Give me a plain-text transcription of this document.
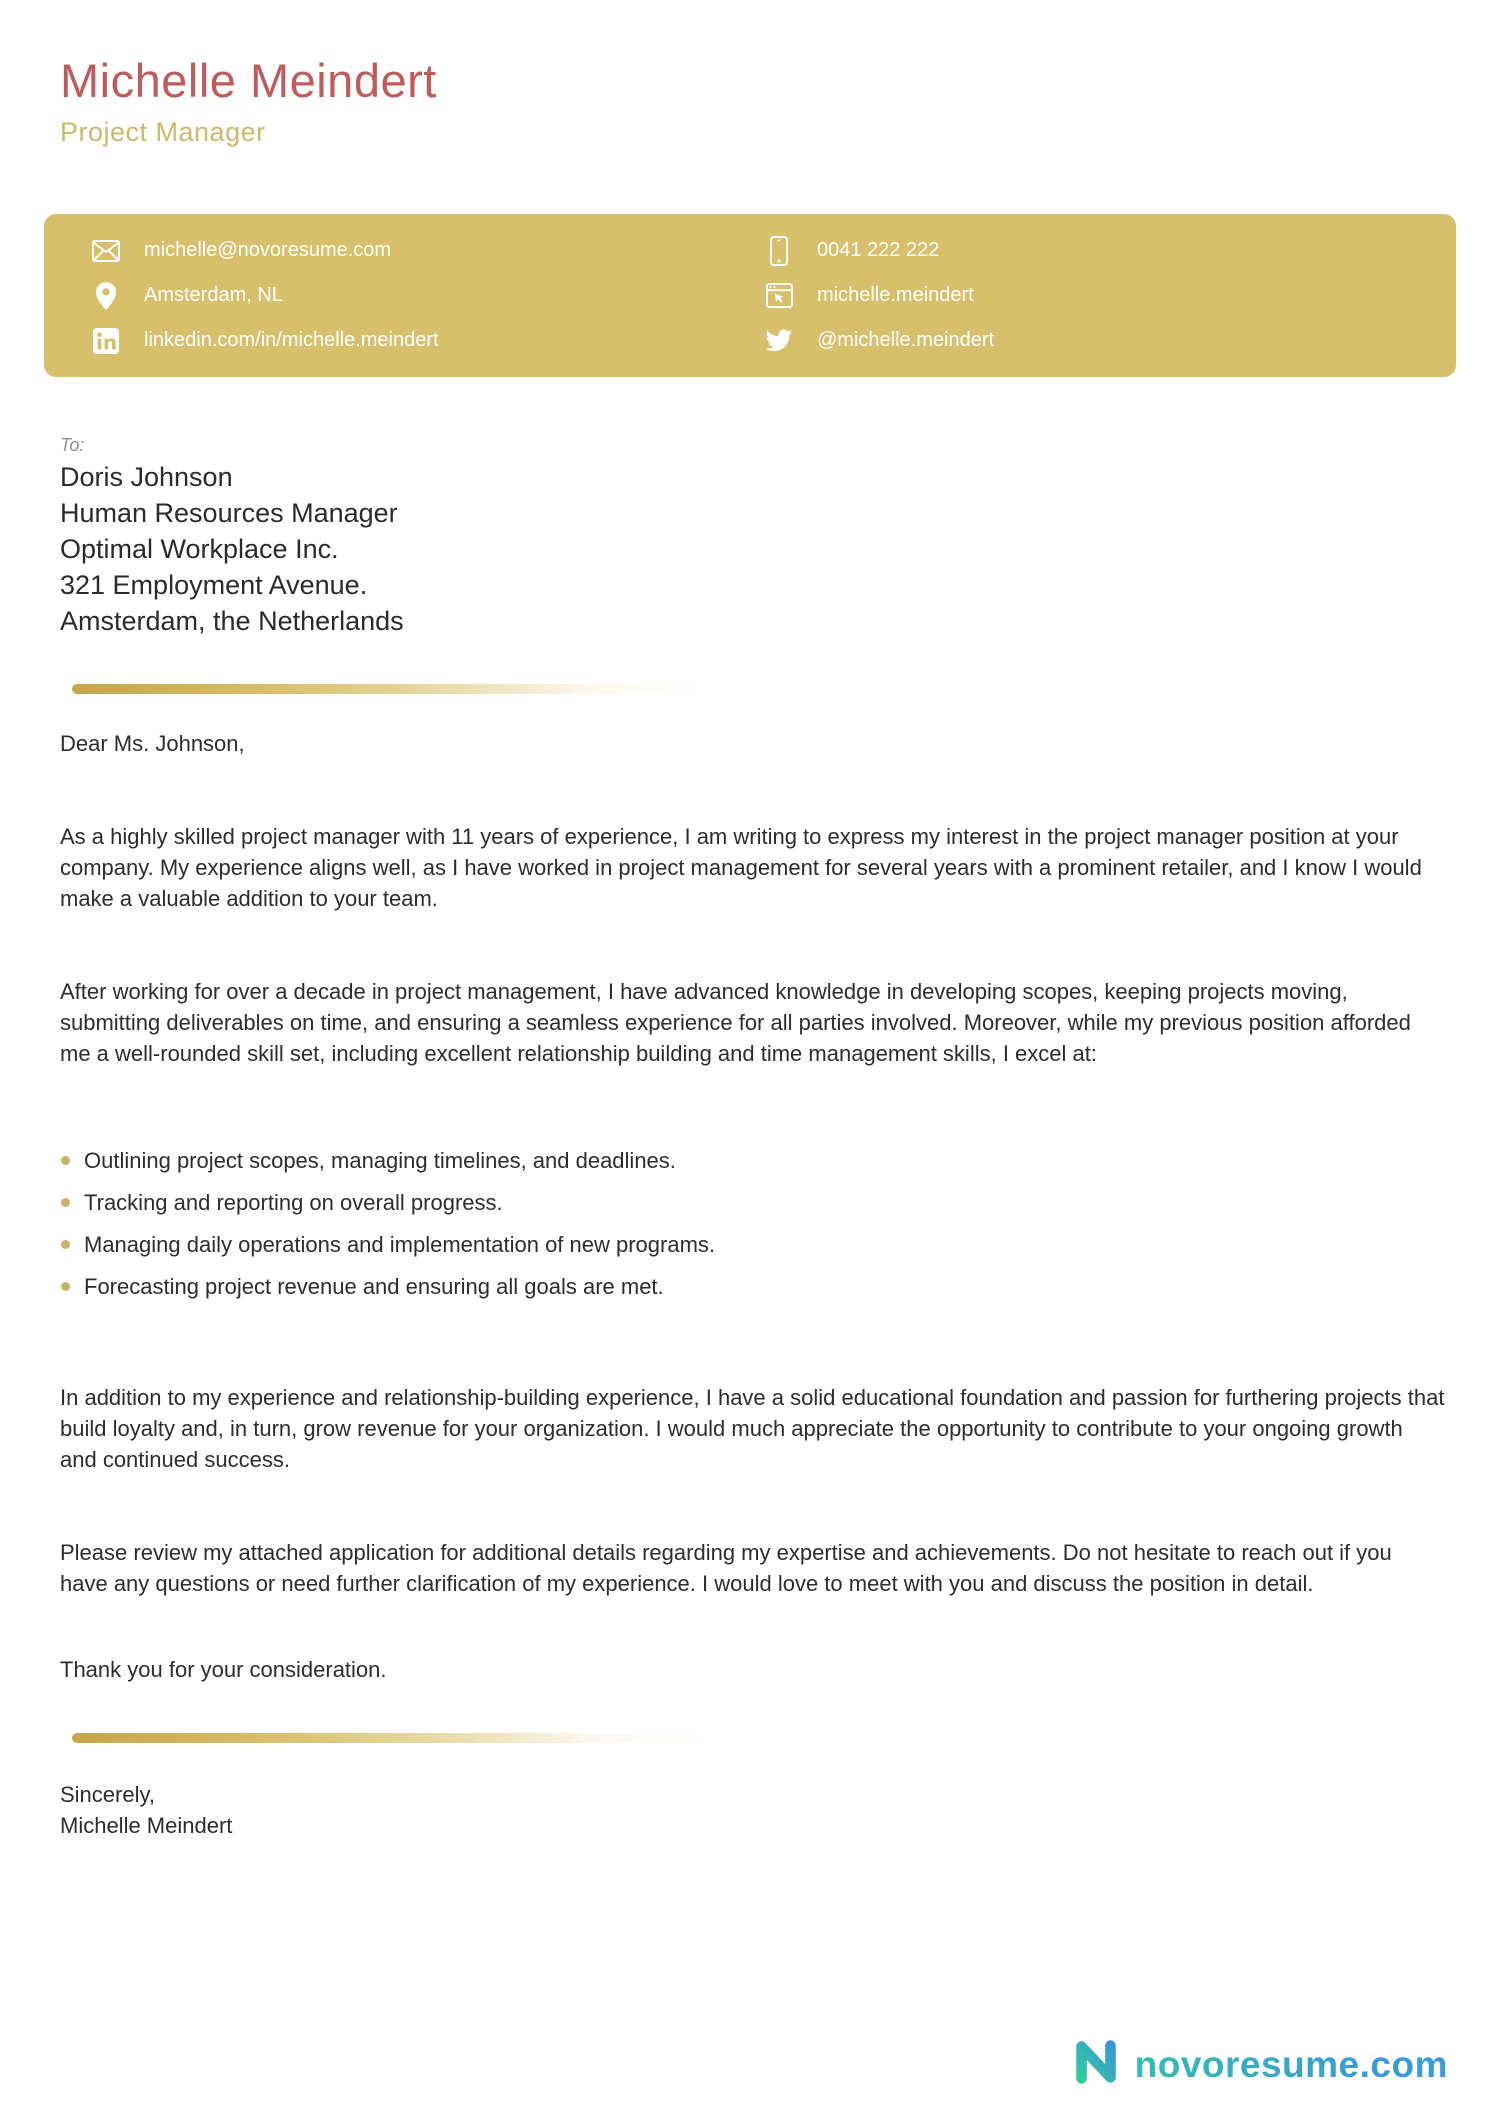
Michelle Meindert
Project Manager
michelle@novoresume.com
Amsterdam, NL
linkedin.com/in/michelle.meindert
0041 222 222
michelle.meindert
@michelle.meindert
To:
Doris Johnson
Human Resources Manager
Optimal Workplace Inc.
321 Employment Avenue.
Amsterdam, the Netherlands
Dear Ms. Johnson,

As a highly skilled project manager with 11 years of experience, I am writing to express my interest in the project manager position at your company. My experience aligns well, as I have worked in project management for several years with a prominent retailer, and I know I would make a valuable addition to your team.

After working for over a decade in project management, I have advanced knowledge in developing scopes, keeping projects moving, submitting deliverables on time, and ensuring a seamless experience for all parties involved. Moreover, while my previous position afforded me a well-rounded skill set, including excellent relationship building and time management skills, I excel at:

Outlining project scopes, managing timelines, and deadlines.
Tracking and reporting on overall progress.
Managing daily operations and implementation of new programs.
Forecasting project revenue and ensuring all goals are met.

In addition to my experience and relationship-building experience, I have a solid educational foundation and passion for furthering projects that build loyalty and, in turn, grow revenue for your organization. I would much appreciate the opportunity to contribute to your ongoing growth and continued success.

Please review my attached application for additional details regarding my expertise and achievements. Do not hesitate to reach out if you have any questions or need further clarification of my experience. I would love to meet with you and discuss the position in detail.

Thank you for your consideration.
Sincerely,
Michelle Meindert
novoresume.com
